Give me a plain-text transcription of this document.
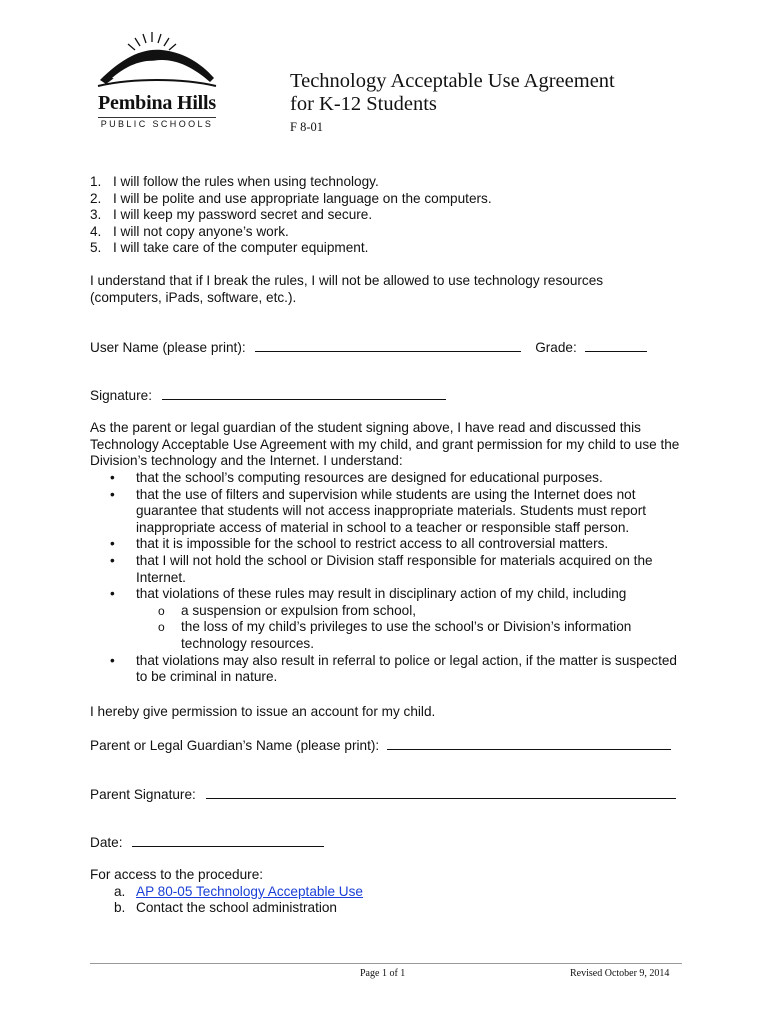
Pembina Hills
PUBLIC SCHOOLS
Technology Acceptable Use Agreement
for K-12 Students
F 8-01
1. I will follow the rules when using technology.
2. I will be polite and use appropriate language on the computers.
3. I will keep my password secret and secure.
4. I will not copy anyone’s work.
5. I will take care of the computer equipment.

I understand that if I break the rules, I will not be allowed to use technology resources (computers, iPads, software, etc.).

User Name (please print):	Grade:
Signature:

As the parent or legal guardian of the student signing above, I have read and discussed this Technology Acceptable Use Agreement with my child, and grant permission for my child to use the Division’s technology and the Internet. I understand:

• that the school’s computing resources are designed for educational purposes.
• that the use of filters and supervision while students are using the Internet does not guarantee that students will not access inappropriate materials. Students must report inappropriate access of material in school to a teacher or responsible staff person.
• that it is impossible for the school to restrict access to all controversial matters.
• that I will not hold the school or Division staff responsible for materials acquired on the Internet.
• that violations of these rules may result in disciplinary action of my child, including
o a suspension or expulsion from school,
o the loss of my child’s privileges to use the school’s or Division’s information technology resources.
• that violations may also result in referral to police or legal action, if the matter is suspected to be criminal in nature.

I hereby give permission to issue an account for my child.

Parent or Legal Guardian’s Name (please print):
Parent Signature:
Date:
For access to the procedure:
a. AP 80-05 Technology Acceptable Use
b. Contact the school administration
Page 1 of 1	Revised October 9, 2014
